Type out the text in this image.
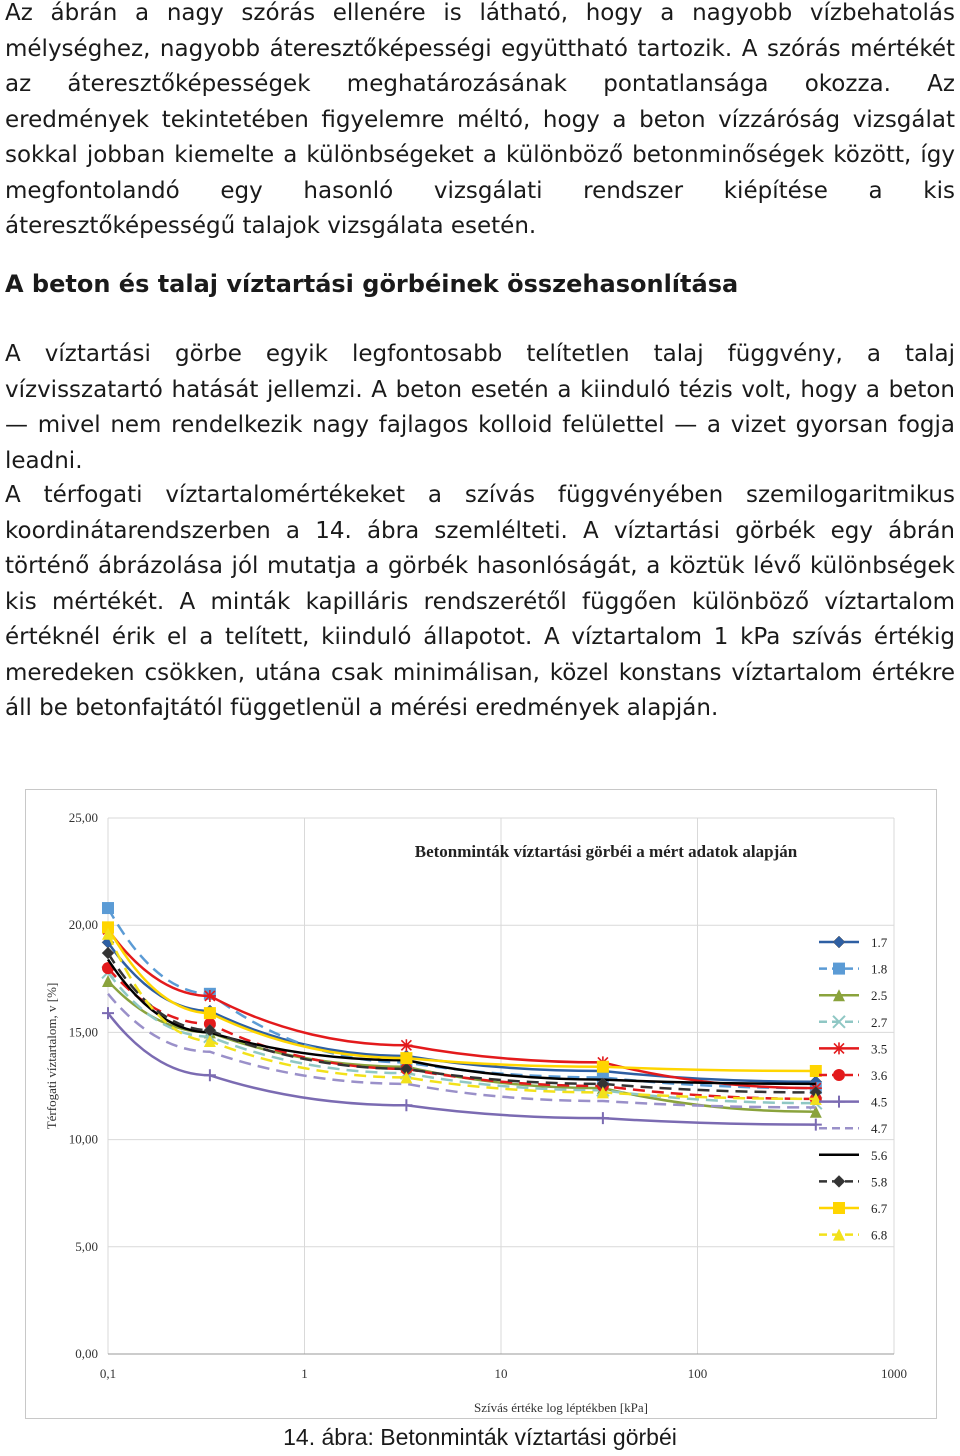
Az ábrán a nagy szórás ellenére is látható, hogy a nagyobb vízbehatolás mélységhez, nagyobb áteresztőképességi együttható tartozik. A szórás mértékét az áteresztőképességek meghatározásának pontatlansága okozza. Az eredmények tekintetében figyelemre méltó, hogy a beton vízzáróság vizsgálat sokkal jobban kiemelte a különbségeket a különböző betonminőségek között, így megfontolandó egy hasonló vizsgálati rendszer kiépítése a kis áteresztőképességű talajok vizsgálata esetén.

A beton és talaj víztartási görbéinek összehasonlítása

A víztartási görbe egyik legfontosabb telítetlen talaj függvény, a talaj vízvisszatartó hatását jellemzi. A beton esetén a kiinduló tézis volt, hogy a beton — mivel nem rendelkezik nagy fajlagos kolloid felülettel — a vizet gyorsan fogja leadni.

A térfogati víztartalomértékeket a szívás függvényében szemilogaritmikus koordinátarendszerben a 14. ábra szemlélteti. A víztartási görbék egy ábrán történő ábrázolása jól mutatja a görbék hasonlóságát, a köztük lévő különbségek kis mértékét. A minták kapilláris rendszerétől függően különböző víztartalom értéknél érik el a telített, kiinduló állapotot. A víztartalom 1 kPa szívás értékig meredeken csökken, utána csak minimálisan, közel konstans víztartalom értékre áll be betonfajtától függetlenül a mérési eredmények alapján.

0,00
5,00
10,00
15,00
20,00
25,00
0,1	1	10	100	1000
Betonminták víztartási görbéi a mért adatok alapján
Szívás értéke log léptékben [kPa]
Térfogati víztartalom, v [%]
1.7
1.8
2.5
2.7
3.5
3.6
4.5
4.7
5.6
5.8
6.7
6.8

14. ábra: Betonminták víztartási görbéi
